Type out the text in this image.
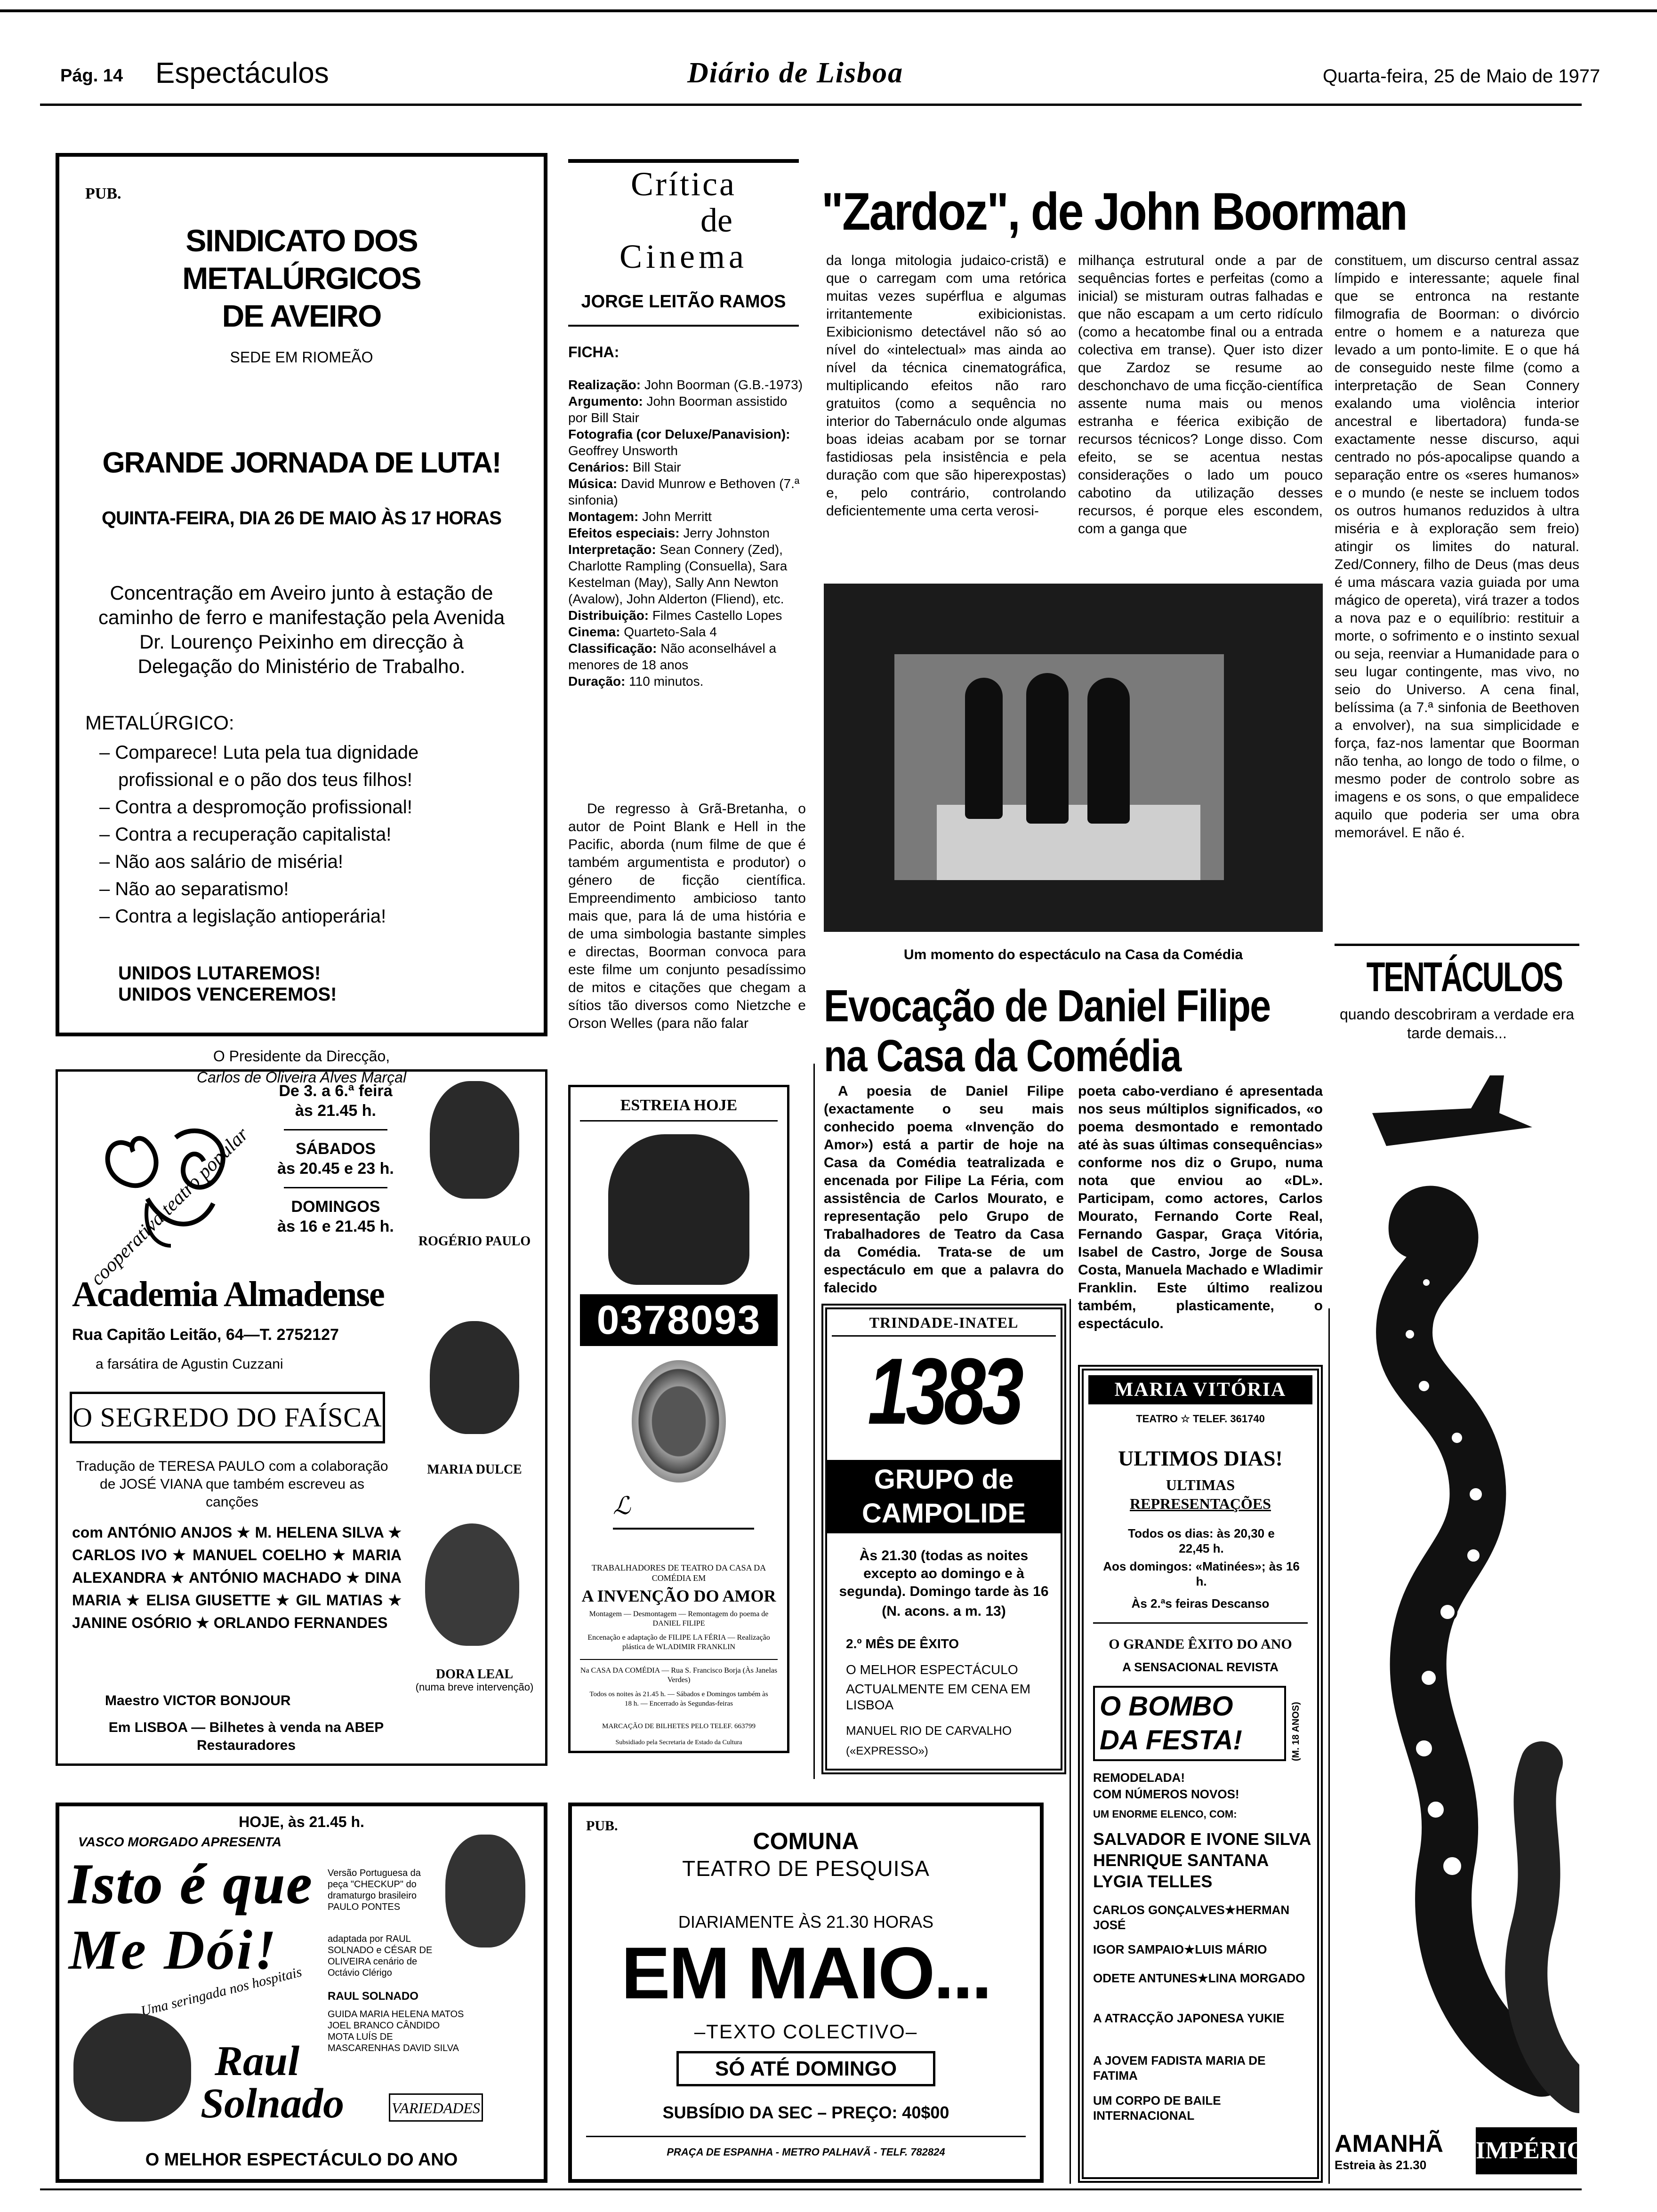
Pág. 14 Espectáculos	Diário de Lisboa	Quarta-feira, 25 de Maio de 1977
PUB.
SINDICATO DOS METALÚRGICOS
DE AVEIRO
SEDE EM RIOMEÃO
GRANDE JORNADA DE LUTA!
QUINTA-FEIRA, DIA 26 DE MAIO ÀS 17 HORAS
Concentração em Aveiro junto à estação de caminho de ferro e manifestação pela Avenida Dr. Lourenço Peixinho em direcção à Delegação do Ministério de Trabalho.
METALÚRGICO:
– Comparece! Luta pela tua dignidade profissional e o pão dos teus filhos!
– Contra a despromoção profissional!
– Contra a recuperação capitalista!
– Não aos salário de miséria!
– Não ao separatismo!
– Contra a legislação antioperária!
UNIDOS LUTAREMOS!
UNIDOS VENCEREMOS!
O Presidente da Direcção,
Carlos de Oliveira Alves Marçal
cooperativa teatro popular
De 3. a 6.ª feira
às 21.45 h.
SÁBADOS
às 20.45 e 23 h.
DOMINGOS
às 16 e 21.45 h.
ROGÉRIO PAULO
Academia Almadense
Rua Capitão Leitão, 64—T. 2752127
a farsátira de Agustin Cuzzani
MARIA DULCE
O SEGREDO DO FAÍSCA
Tradução de TERESA PAULO com a colaboração de JOSÉ VIANA que também escreveu as canções
com ANTÓNIO ANJOS ★ M. HELENA SILVA ★ CARLOS IVO ★ MANUEL COELHO ★ MARIA ALEXANDRA ★ ANTÓNIO MACHADO ★ DINA MARIA ★ ELISA GIUSETTE ★ GIL MATIAS ★ JANINE OSÓRIO ★ ORLANDO FERNANDES
Maestro VICTOR BONJOUR
Em LISBOA — Bilhetes à venda na ABEP Restauradores
DORA LEAL
(numa breve intervenção)
HOJE, às 21.45 h.
VASCO MORGADO APRESENTA
Isto é que
Me Dói!
Uma seringada nos hospitais
Versão Portuguesa da peça "CHECKUP" do dramaturgo brasileiro PAULO PONTES
adaptada por RAUL SOLNADO e CÉSAR DE OLIVEIRA cenário de Octávio Clérigo
RAUL SOLNADO
GUIDA MARIA HELENA MATOS JOEL BRANCO CÂNDIDO MOTA LUÍS DE MASCARENHAS DAVID SILVA
Raul
Solnado	VARIEDADES
O MELHOR ESPECTÁCULO DO ANO
Crítica
de
Cinema
JORGE LEITÃO RAMOS
FICHA:

Realização: John Boorman (G.B.-1973)

Argumento: John Boorman assistido por Bill Stair

Fotografia (cor Deluxe/Panavision): Geoffrey Unsworth

Cenários: Bill Stair

Música: David Munrow e Bethoven (7.ª sinfonia)

Montagem: John Merritt

Efeitos especiais: Jerry Johnston

Interpretação: Sean Connery (Zed), Charlotte Rampling (Consuella), Sara Kestelman (May), Sally Ann Newton (Avalow), John Alderton (Fliend), etc.

Distribuição: Filmes Castello Lopes

Cinema: Quarteto-Sala 4

Classificação: Não aconselhável a menores de 18 anos

Duração: 110 minutos.

De regresso à Grã-Bretanha, o autor de Point Blank e Hell in the Pacific, aborda (num filme de que é também argumentista e produtor) o género de ficção científica. Empreendimento ambicioso tanto mais que, para lá de uma história e de uma simbologia bastante simples e directas, Boorman convoca para este filme um conjunto pesadíssimo de mitos e citações que chegam a sítios tão diversos como Nietzche e Orson Welles (para não falar
"Zardoz", de John Boorman
da longa mitologia judaico-cristã) e que o carregam com uma retórica muitas vezes supérflua e algumas irritantemente exibicionistas. Exibicionismo detectável não só ao nível do «intelectual» mas ainda ao nível da técnica cinematográfica, multiplicando efeitos não raro gratuitos (como a sequência no interior do Tabernáculo onde algumas boas ideias acabam por se tornar fastidiosas pela insistência e pela duração com que são hiperexpostas) e, pelo contrário, controlando deficientemente uma certa verosi-
milhança estrutural onde a par de sequências fortes e perfeitas (como a inicial) se misturam outras falhadas e que não escapam a um certo ridículo (como a hecatombe final ou a entrada colectiva em transe). Quer isto dizer que Zardoz se resume ao deschonchavo de uma ficção-científica assente numa mais ou menos estranha e féerica exibição de recursos técnicos? Longe disso. Com efeito, se se acentua nestas considerações o lado um pouco cabotino da utilização desses recursos, é porque eles escondem, com a ganga que
constituem, um discurso central assaz límpido e interessante; aquele final que se entronca na restante filmografia de Boorman: o divórcio entre o homem e a natureza que levado a um ponto-limite. E o que há de conseguido neste filme (como a interpretação de Sean Connery exalando uma violência interior ancestral e libertadora) funda-se exactamente nesse discurso, aqui centrado no pós-apocalipse quando a separação entre os «seres humanos» e o mundo (e neste se incluem todos os outros humanos reduzidos à ultra miséria e à exploração sem freio) atingir os limites do natural. Zed/Connery, filho de Deus (mas deus é uma máscara vazia guiada por uma mágico de opereta), virá trazer a todos a nova paz e o equilíbrio: restituir a morte, o sofrimento e o instinto sexual ou seja, reenviar a Humanidade para o seu lugar contingente, mas vivo, no seio do Universo. A cena final, belíssima (a 7.ª sinfonia de Beethoven a envolver), na sua simplicidade e força, faz-nos lamentar que Boorman não tenha, ao longo de todo o filme, o mesmo poder de controlo sobre as imagens e os sons, o que empalidece aquilo que poderia ser uma obra memorável. E não é.
Um momento do espectáculo na Casa da Comédia
Evocação de Daniel Filipe
na Casa da Comédia
A poesia de Daniel Filipe (exactamente o seu mais conhecido poema «Invenção do Amor») está a partir de hoje na Casa da Comédia teatralizada e encenada por Filipe La Féria, com assistência de Carlos Mourato, e representação pelo Grupo de Trabalhadores de Teatro da Casa da Comédia. Trata-se de um espectáculo em que a palavra do falecido
poeta cabo-verdiano é apresentada nos seus múltiplos significados, «o poema desmontado e remontado até às suas últimas consequências» conforme nos diz o Grupo, numa nota que enviou ao «DL». Participam, como actores, Carlos Mourato, Fernando Corte Real, Fernando Gaspar, Graça Vitória, Isabel de Castro, Jorge de Sousa Costa, Manuela Machado e Wladimir Franklin. Este último realizou também, plasticamente, o espectáculo.
ESTREIA HOJE
0378093
ℒ
TRABALHADORES DE TEATRO DA CASA DA COMÉDIA EM
A INVENÇÃO DO AMOR
Montagem — Desmontagem — Remontagem do poema de DANIEL FILIPE
Encenação e adaptação de FILIPE LA FÉRIA — Realização plástica de WLADIMIR FRANKLIN
Na CASA DA COMÉDIA — Rua S. Francisco Borja (Às Janelas Verdes)
Todos os noites às 21.45 h. — Sábados e Domingos também às 18 h. — Encerrado às Segundas-feiras
MARCAÇÃO DE BILHETES PELO TELEF. 663799
Subsidiado pela Secretaria de Estado da Cultura
PUB.
COMUNA
TEATRO DE PESQUISA
DIARIAMENTE ÀS 21.30 HORAS
EM MAIO...
–TEXTO COLECTIVO–
SÓ ATÉ DOMINGO
SUBSÍDIO DA SEC – PREÇO: 40$00
PRAÇA DE ESPANHA - METRO PALHAVÃ - TELF. 782824
TRINDADE-INATEL
1383
GRUPO de
CAMPOLIDE
Às 21.30 (todas as noites excepto ao domingo e à segunda). Domingo tarde às 16
(N. acons. a m. 13)
2.º MÊS DE ÊXITO
O MELHOR ESPECTÁCULO
ACTUALMENTE EM CENA EM LISBOA
MANUEL RIO DE CARVALHO
(«EXPRESSO»)
MARIA VITÓRIA
TEATRO ☆ TELEF. 361740
ULTIMOS DIAS!
ULTIMAS
REPRESENTAÇÕES
Todos os dias: às 20,30 e 22,45 h.
Aos domingos: «Matinées»; às 16 h.
Às 2.ªs feiras Descanso
O GRANDE ÊXITO DO ANO
A SENSACIONAL REVISTA
O BOMBO DA FESTA!	(M. 18 ANOS)
REMODELADA!
COM NÚMEROS NOVOS!
UM ENORME ELENCO, COM:
SALVADOR E IVONE SILVA
HENRIQUE SANTANA
LYGIA TELLES
CARLOS GONÇALVES★HERMAN JOSÉ
IGOR SAMPAIO★LUIS MÁRIO
ODETE ANTUNES★LINA MORGADO
A ATRACÇÃO JAPONESA YUKIE
A JOVEM FADISTA MARIA DE FATIMA
UM CORPO DE BAILE INTERNACIONAL
TENTÁCULOS
quando descobriram a verdade era tarde demais...
AMANHÃ
Estreia às 21.30
IMPÉRIO
